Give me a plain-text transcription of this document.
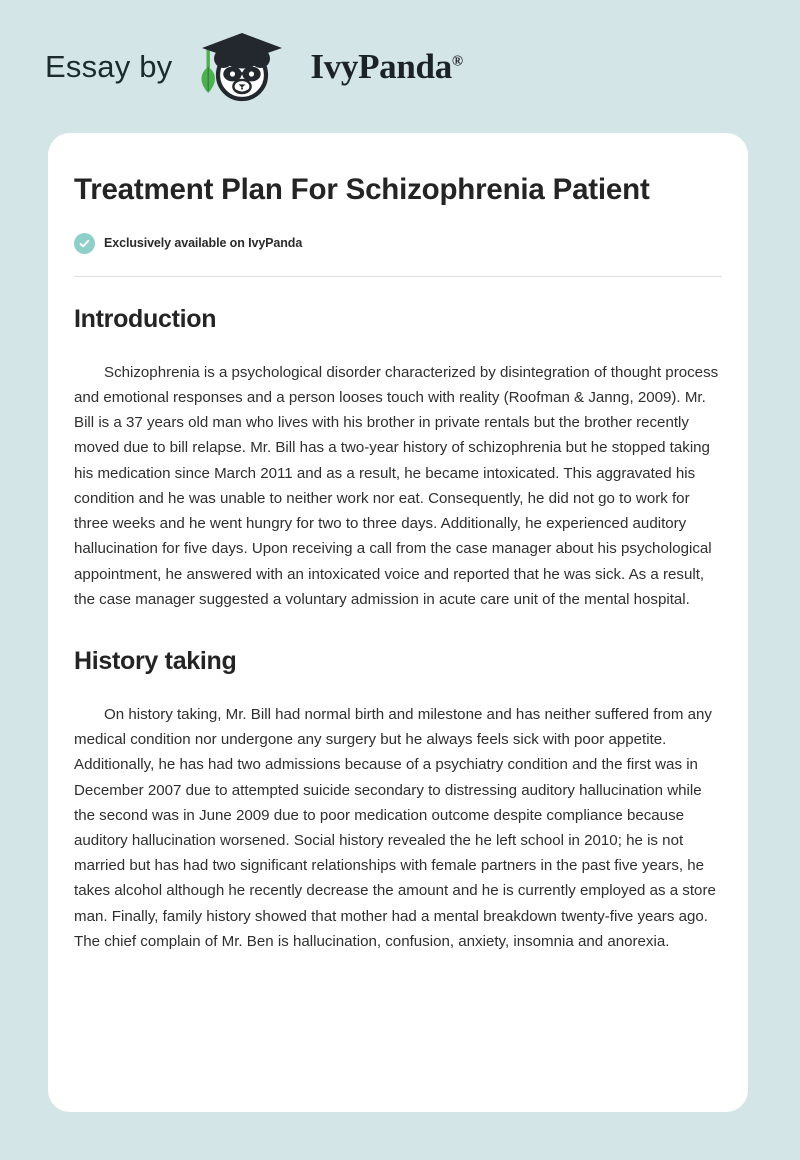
Essay by	IvyPanda®
Treatment Plan For Schizophrenia Patient
Exclusively available on IvyPanda
Introduction

Schizophrenia is a psychological disorder characterized by disintegration of thought process and emotional responses and a person looses touch with reality (Roofman & Janng, 2009). Mr. Bill is a 37 years old man who lives with his brother in private rentals but the brother recently moved due to bill relapse. Mr. Bill has a two-year history of schizophrenia but he stopped taking his medication since March 2011 and as a result, he became intoxicated. This aggravated his condition and he was unable to neither work nor eat. Consequently, he did not go to work for three weeks and he went hungry for two to three days. Additionally, he experienced auditory hallucination for five days. Upon receiving a call from the case manager about his psychological appointment, he answered with an intoxicated voice and reported that he was sick. As a result, the case manager suggested a voluntary admission in acute care unit of the mental hospital.

History taking

On history taking, Mr. Bill had normal birth and milestone and has neither suffered from any medical condition nor undergone any surgery but he always feels sick with poor appetite. Additionally, he has had two admissions because of a psychiatry condition and the first was in December 2007 due to attempted suicide secondary to distressing auditory hallucination while the second was in June 2009 due to poor medication outcome despite compliance because auditory hallucination worsened. Social history revealed the he left school in 2010; he is not married but has had two significant relationships with female partners in the past five years, he takes alcohol although he recently decrease the amount and he is currently employed as a store man. Finally, family history showed that mother had a mental breakdown twenty-five years ago. The chief complain of Mr. Ben is hallucination, confusion, anxiety, insomnia and anorexia.
